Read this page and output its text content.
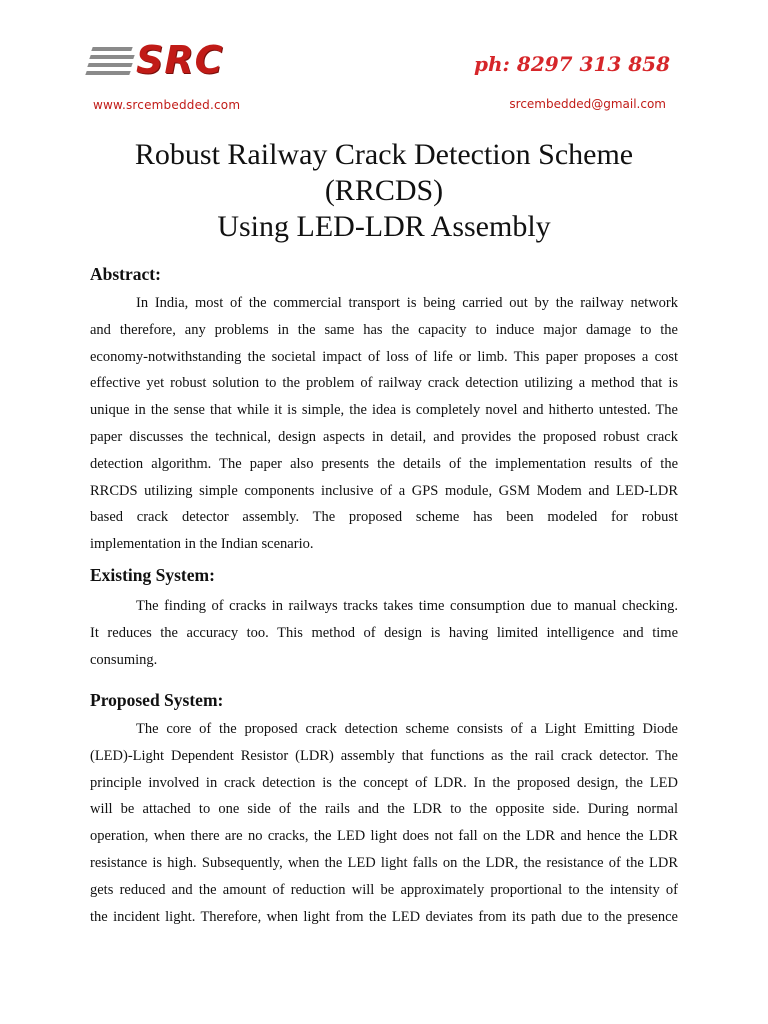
SRC
www.srcembedded.com
ph: 8297 313 858
srcembedded@gmail.com
Robust Railway Crack Detection Scheme
(RRCDS)
Using LED-LDR Assembly
Abstract:
In India, most of the commercial transport is being carried out by the railway network
and therefore, any problems in the same has the capacity to induce major damage to the
economy-notwithstanding the societal impact of loss of life or limb. This paper proposes a cost
effective yet robust solution to the problem of railway crack detection utilizing a method that is
unique in the sense that while it is simple, the idea is completely novel and hitherto untested. The
paper discusses the technical, design aspects in detail, and provides the proposed robust crack
detection algorithm. The paper also presents the details of the implementation results of the
RRCDS utilizing simple components inclusive of a GPS module, GSM Modem and LED-LDR
based crack detector assembly. The proposed scheme has been modeled for robust
implementation in the Indian scenario.
Existing System:
The finding of cracks in railways tracks takes time consumption due to manual checking.
It reduces the accuracy too. This method of design is having limited intelligence and time
consuming.
Proposed System:
The core of the proposed crack detection scheme consists of a Light Emitting Diode
(LED)-Light Dependent Resistor (LDR) assembly that functions as the rail crack detector. The
principle involved in crack detection is the concept of LDR. In the proposed design, the LED
will be attached to one side of the rails and the LDR to the opposite side. During normal
operation, when there are no cracks, the LED light does not fall on the LDR and hence the LDR
resistance is high. Subsequently, when the LED light falls on the LDR, the resistance of the LDR
gets reduced and the amount of reduction will be approximately proportional to the intensity of
the incident light. Therefore, when light from the LED deviates from its path due to the presence
